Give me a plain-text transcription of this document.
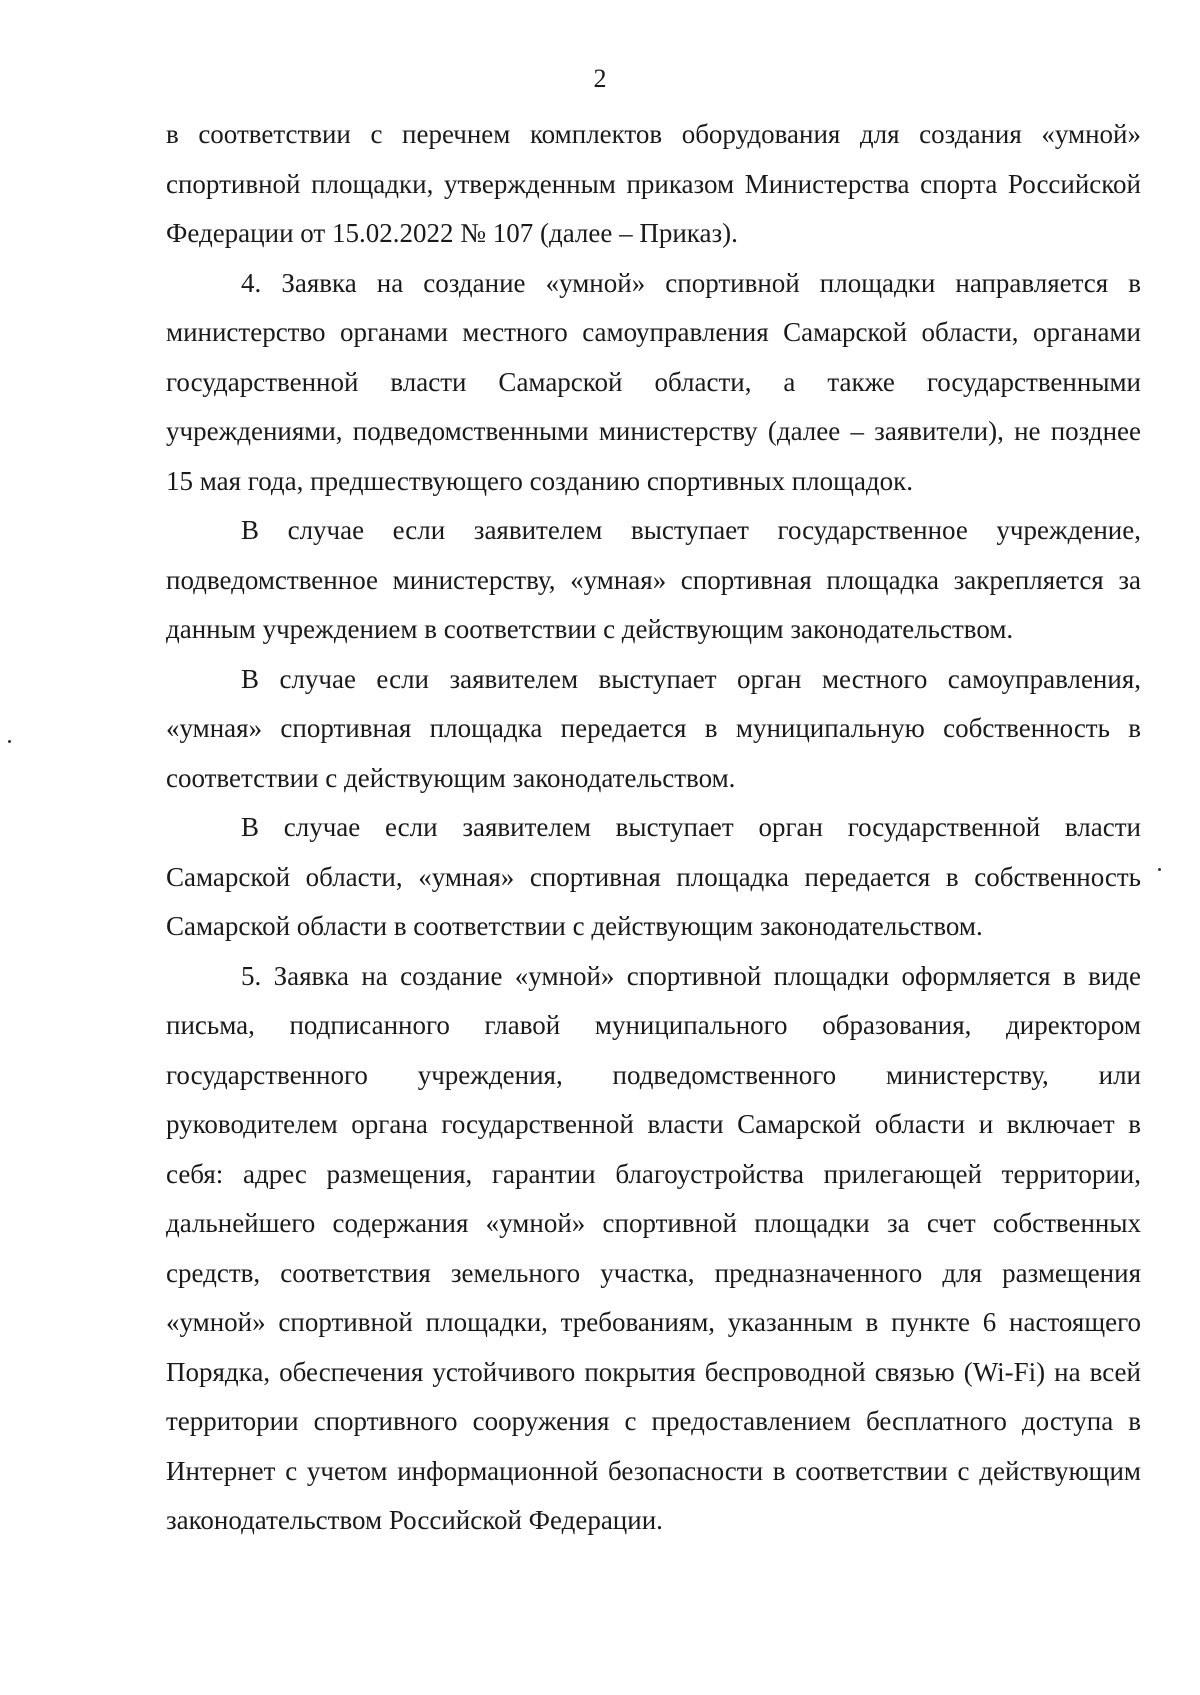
2

в соответствии с перечнем комплектов оборудования для создания «умной» спортивной площадки, утвержденным приказом Министерства спорта Российской Федерации от 15.02.2022 № 107 (далее – Приказ).

4. Заявка на создание «умной» спортивной площадки направляется в министерство органами местного самоуправления Самарской области, органами государственной власти Самарской области, а также государственными учреждениями, подведомственными министерству (далее – заявители), не позднее 15 мая года, предшествующего созданию спортивных площадок.

В случае если заявителем выступает государственное учреждение, подведомственное министерству, «умная» спортивная площадка закрепляется за данным учреждением в соответствии с действующим законодательством.

В случае если заявителем выступает орган местного самоуправления, «умная» спортивная площадка передается в муниципальную собственность в соответствии с действующим законодательством.

В случае если заявителем выступает орган государственной власти Самарской области, «умная» спортивная площадка передается в собственность Самарской области в соответствии с действующим законодательством.

5. Заявка на создание «умной» спортивной площадки оформляется в виде письма, подписанного главой муниципального образования, директором государственного учреждения, подведомственного министерству, или руководителем органа государственной власти Самарской области и включает в себя: адрес размещения, гарантии благоустройства прилегающей территории, дальнейшего содержания «умной» спортивной площадки за счет собственных средств, соответствия земельного участка, предназначенного для размещения «умной» спортивной площадки, требованиям, указанным в пункте 6 настоящего Порядка, обеспечения устойчивого покрытия беспроводной связью (Wi-Fi) на всей территории спортивного сооружения с предоставлением бесплатного доступа в Интернет с учетом информационной безопасности в соответствии с действующим законодательством Российской Федерации.
